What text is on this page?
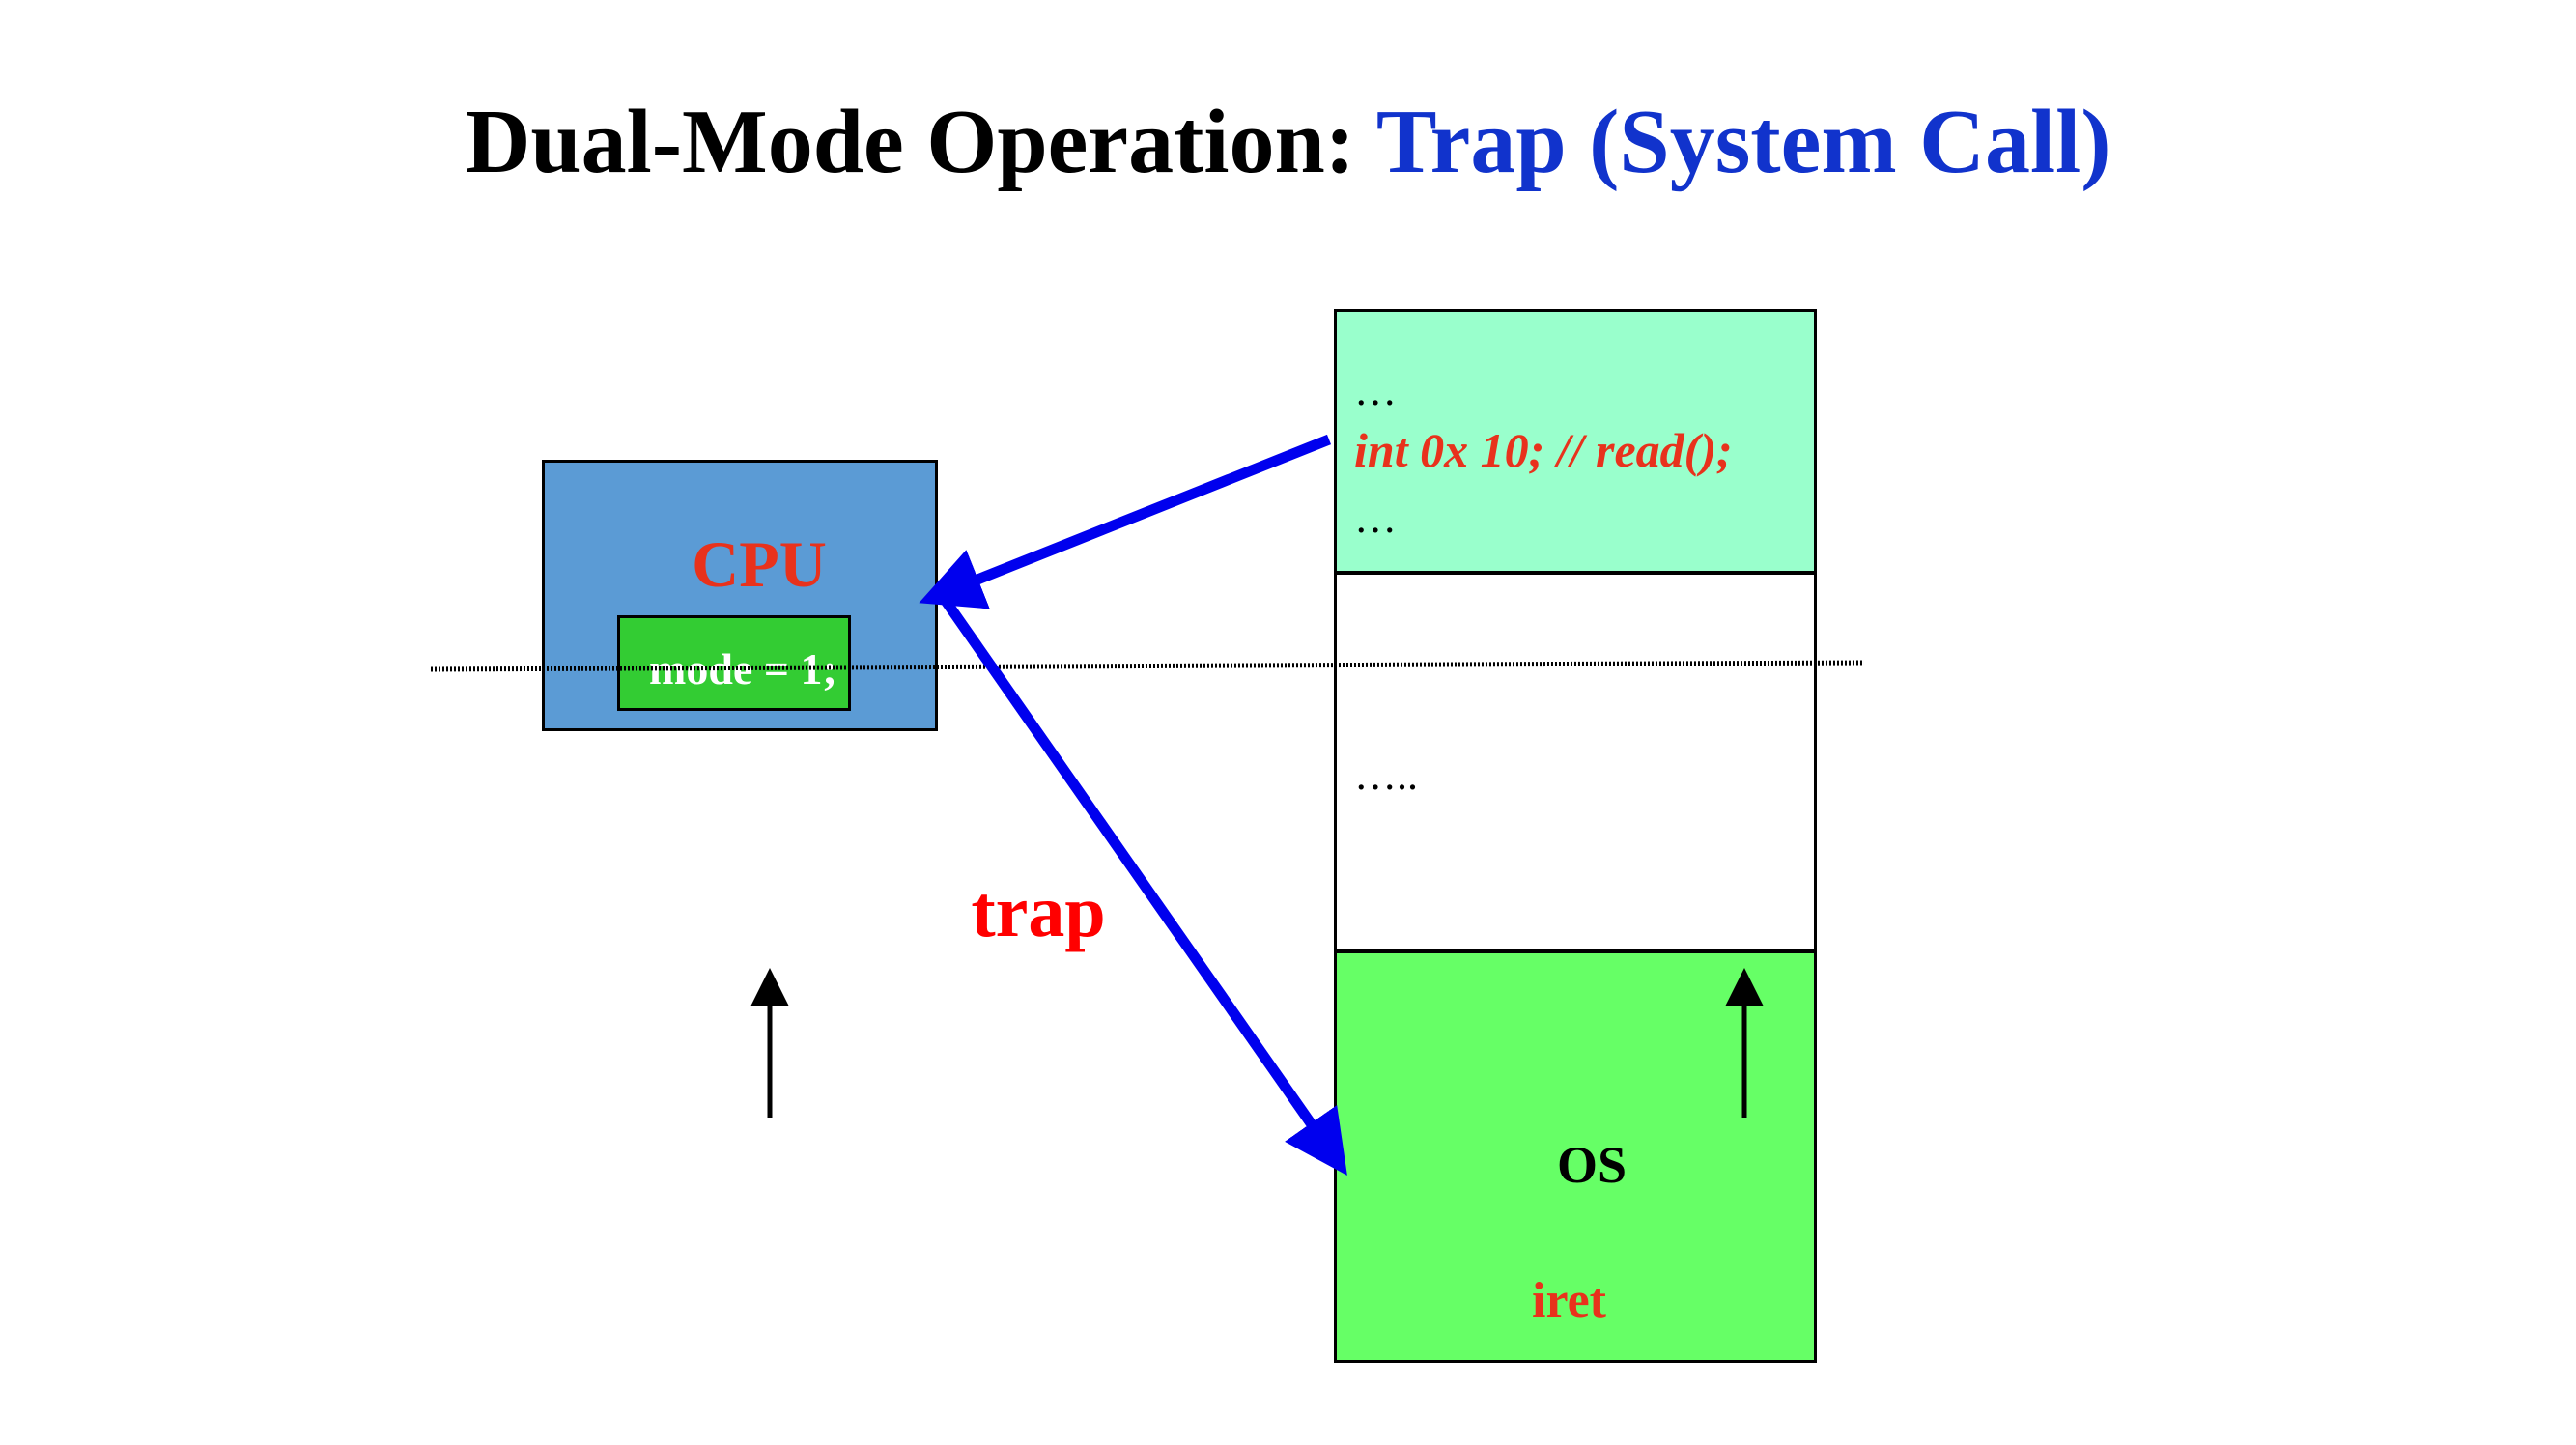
Dual-Mode Operation: Trap (System Call)
…
int 0x 10; // read();
…
…..
OS
iret
CPU
mode = 1;
trap
